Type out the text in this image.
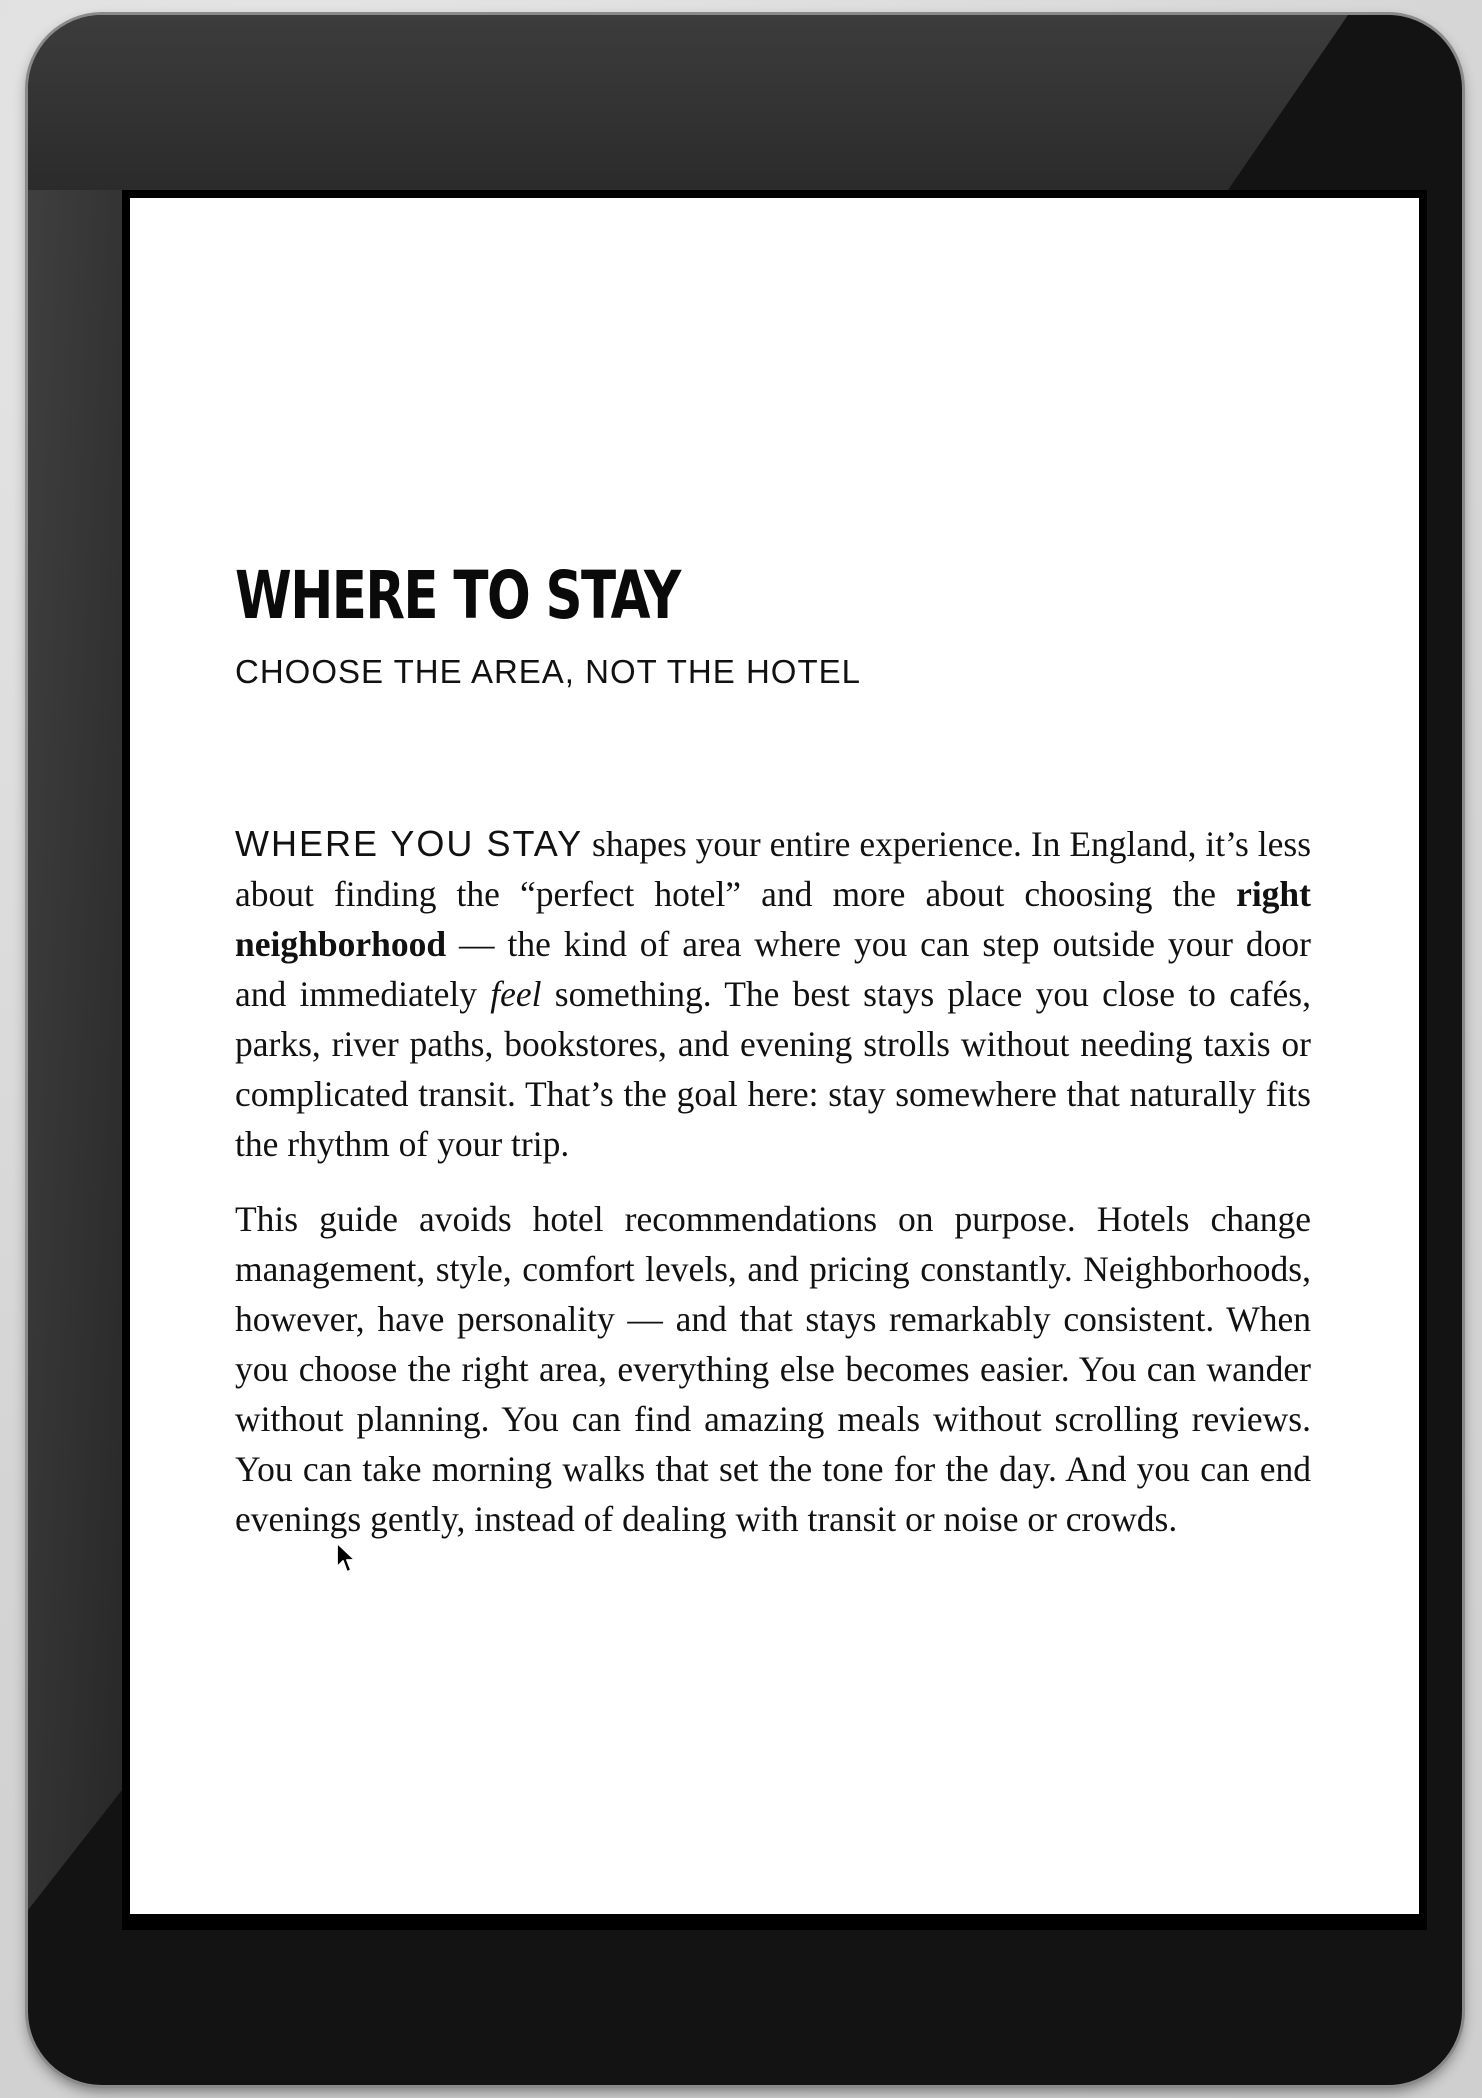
WHERE TO STAY
CHOOSE THE AREA, NOT THE HOTEL

WHERE YOU STAY shapes your entire experience. In England, it’s less about finding the “perfect hotel” and more about choosing the right neighborhood — the kind of area where you can step outside your door and immediately feel something. The best stays place you close to cafés, parks, river paths, bookstores, and evening strolls without needing taxis or complicated transit. That’s the goal here: stay somewhere that naturally fits the rhythm of your trip.

This guide avoids hotel recommendations on purpose. Hotels change management, style, comfort levels, and pricing constantly. Neighborhoods, however, have personality — and that stays remarkably consistent. When you choose the right area, everything else becomes easier. You can wander without planning. You can find amazing meals without scrolling reviews. You can take morning walks that set the tone for the day. And you can end evenings gently, instead of dealing with transit or noise or crowds.
